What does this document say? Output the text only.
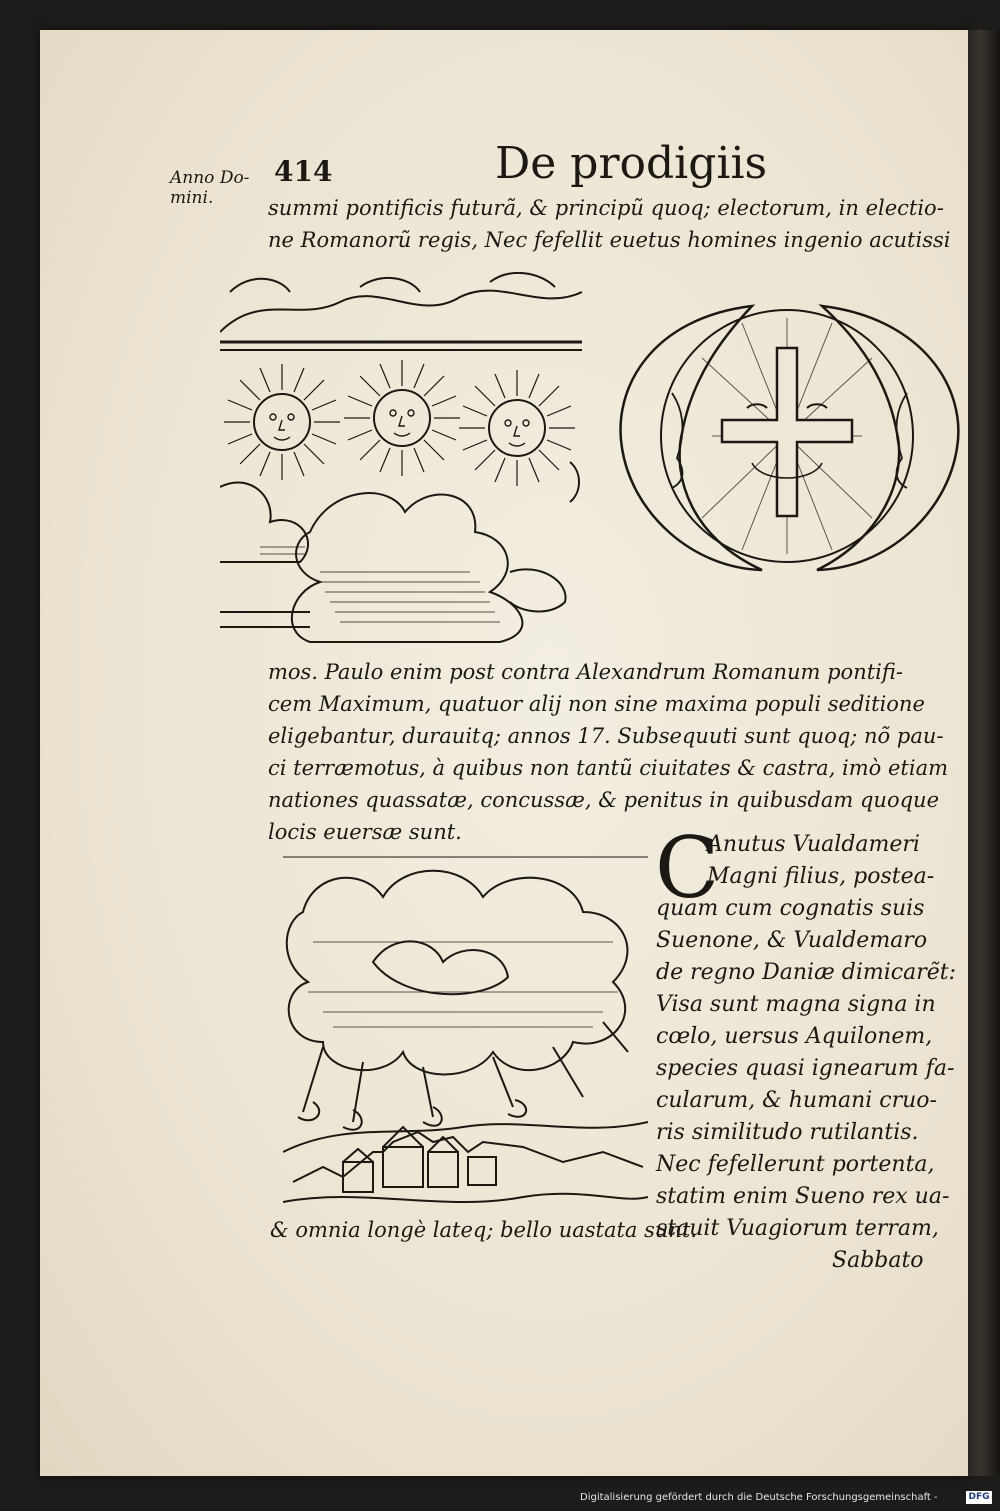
Anno Do-
mini.
414	De prodigiis
summi pontificis futurã, & principũ quoq; electorum, in electio-
ne Romanorũ regis, Nec fefellit euetus homines ingenio acutissi
mos. Paulo enim post contra Alexandrum Romanum pontifi-
cem Maximum, quatuor alij non sine maxima populi seditione
eligebantur, durauitq; annos 17. Subsequuti sunt quoq; nõ pau-
ci terræmotus, à quibus non tantũ ciuitates & castra, imò etiam
nationes quassatæ, concussæ, & penitus in quibusdam quoque
locis euersæ sunt. C
Anutus Vualdameri
Magni filius, postea-
quam cum cognatis suis
Suenone, & Vualdemaro
de regno Daniæ dimicarẽt:
Visa sunt magna signa in
cœlo, uersus Aquilonem,
species quasi ignearum fa-
cularum, & humani cruo-
ris similitudo rutilantis.
Nec fefellerunt portenta,
statim enim Sueno rex ua-
stauit Vuagiorum terram,
& omnia longè lateq; bello uastata sunt.
Sabbato
Digitalisierung gefördert durch die Deutsche Forschungsgemeinschaft -	DFG
